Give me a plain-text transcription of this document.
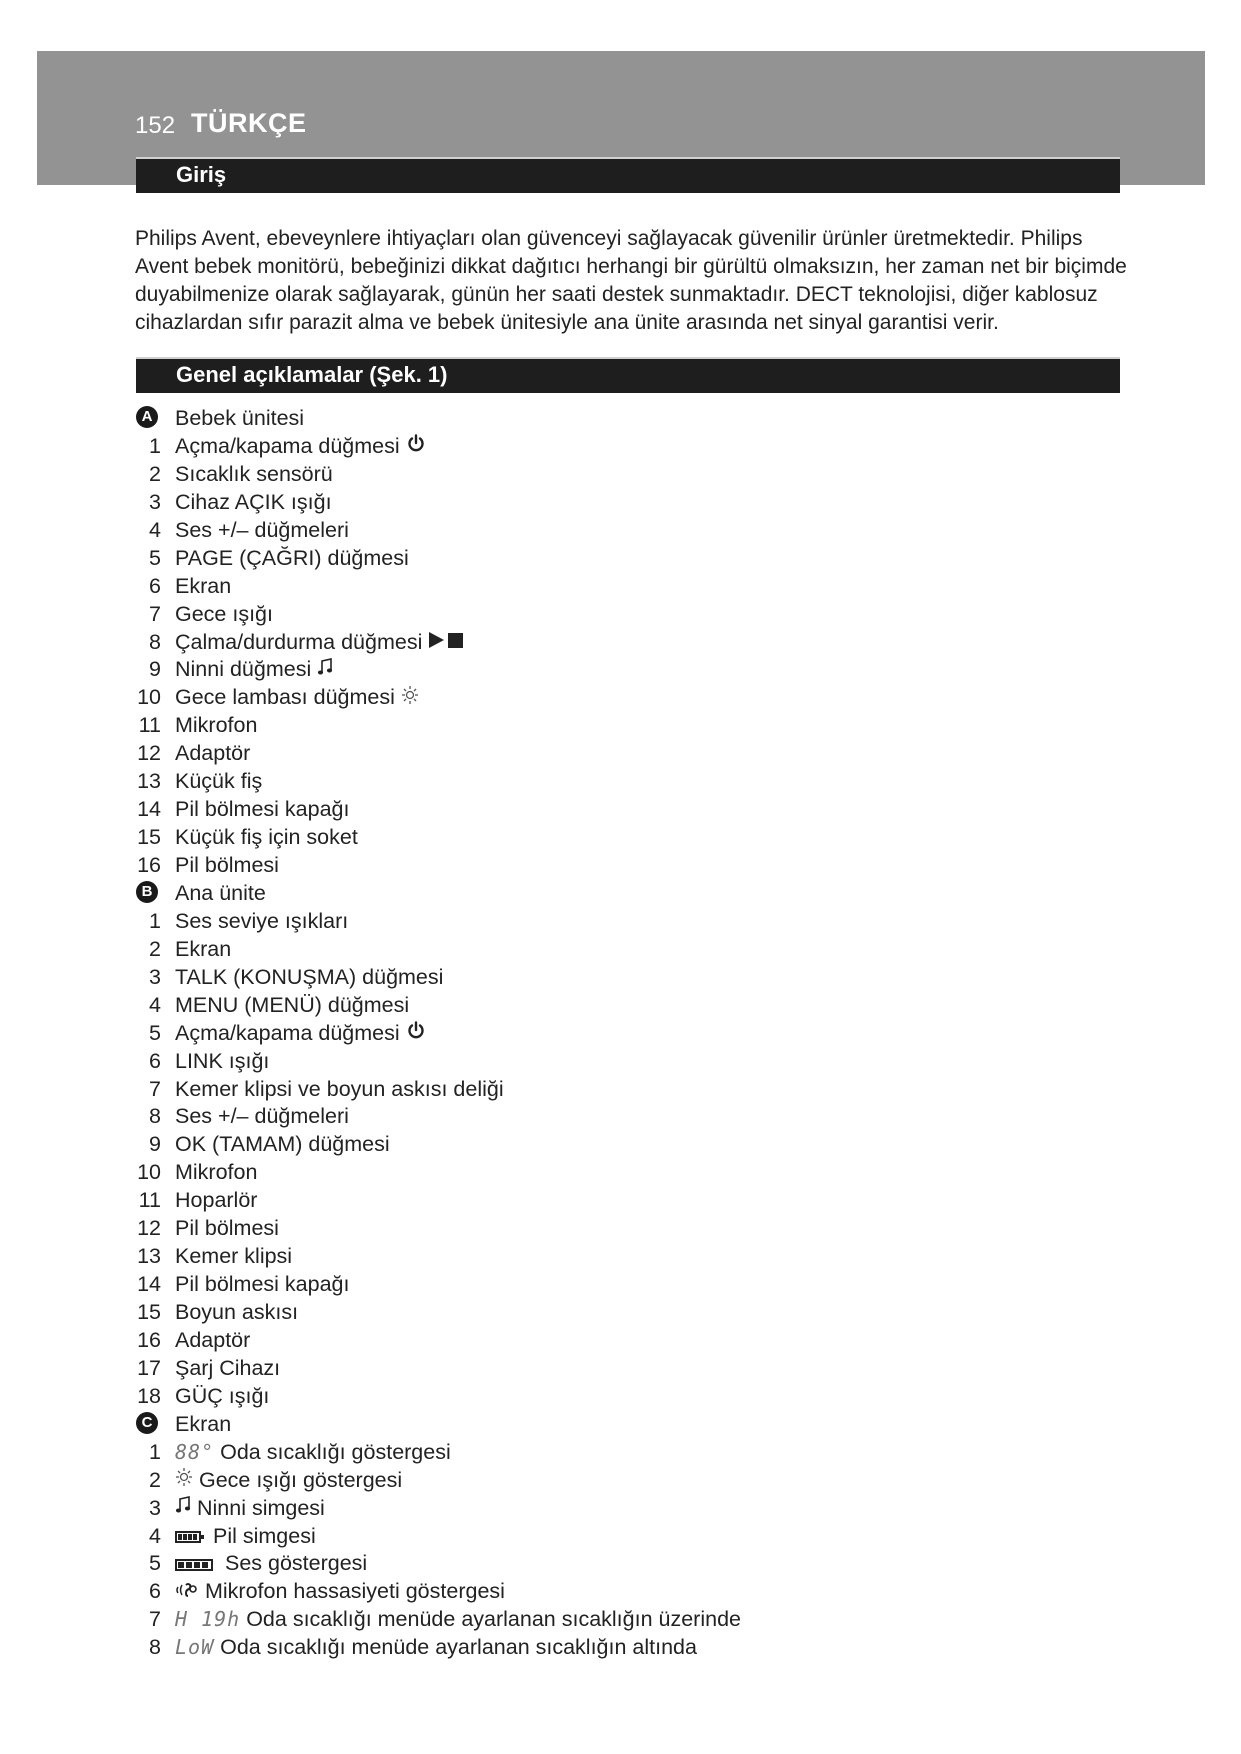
152 TÜRKÇE
Giriş
Philips Avent, ebeveynlere ihtiyaçları olan güvenceyi sağlayacak güvenilir ürünler üretmektedir. Philips Avent bebek monitörü, bebeğinizi dikkat dağıtıcı herhangi bir gürültü olmaksızın, her zaman net bir biçimde duyabilmenize olarak sağlayarak, günün her saati destek sunmaktadır. DECT teknolojisi, diğer kablosuz cihazlardan sıfır parazit alma ve bebek ünitesiyle ana ünite arasında net sinyal garantisi verir.
Genel açıklamalar (Şek. 1)
A Bebek ünitesi
1 Açma/kapama düğmesi
2 Sıcaklık sensörü
3 Cihaz AÇIK ışığı
4 Ses +/– düğmeleri
5 PAGE (ÇAĞRI) düğmesi
6 Ekran
7 Gece ışığı
8 Çalma/durdurma düğmesi
9 Ninni düğmesi
10 Gece lambası düğmesi
11 Mikrofon
12 Adaptör
13 Küçük fiş
14 Pil bölmesi kapağı
15 Küçük fiş için soket
16 Pil bölmesi
B Ana ünite
1 Ses seviye ışıkları
2 Ekran
3 TALK (KONUŞMA) düğmesi
4 MENU (MENÜ) düğmesi
5 Açma/kapama düğmesi
6 LINK ışığı
7 Kemer klipsi ve boyun askısı deliği
8 Ses +/– düğmeleri
9 OK (TAMAM) düğmesi
10 Mikrofon
11 Hoparlör
12 Pil bölmesi
13 Kemer klipsi
14 Pil bölmesi kapağı
15 Boyun askısı
16 Adaptör
17 Şarj Cihazı
18 GÜÇ ışığı
C Ekran
1 88° Oda sıcaklığı göstergesi
2 Gece ışığı göstergesi
3 Ninni simgesi
4 Pil simgesi
5	Ses göstergesi
6 Mikrofon hassasiyeti göstergesi
7 H 19h Oda sıcaklığı menüde ayarlanan sıcaklığın üzerinde
8 LoW Oda sıcaklığı menüde ayarlanan sıcaklığın altında
